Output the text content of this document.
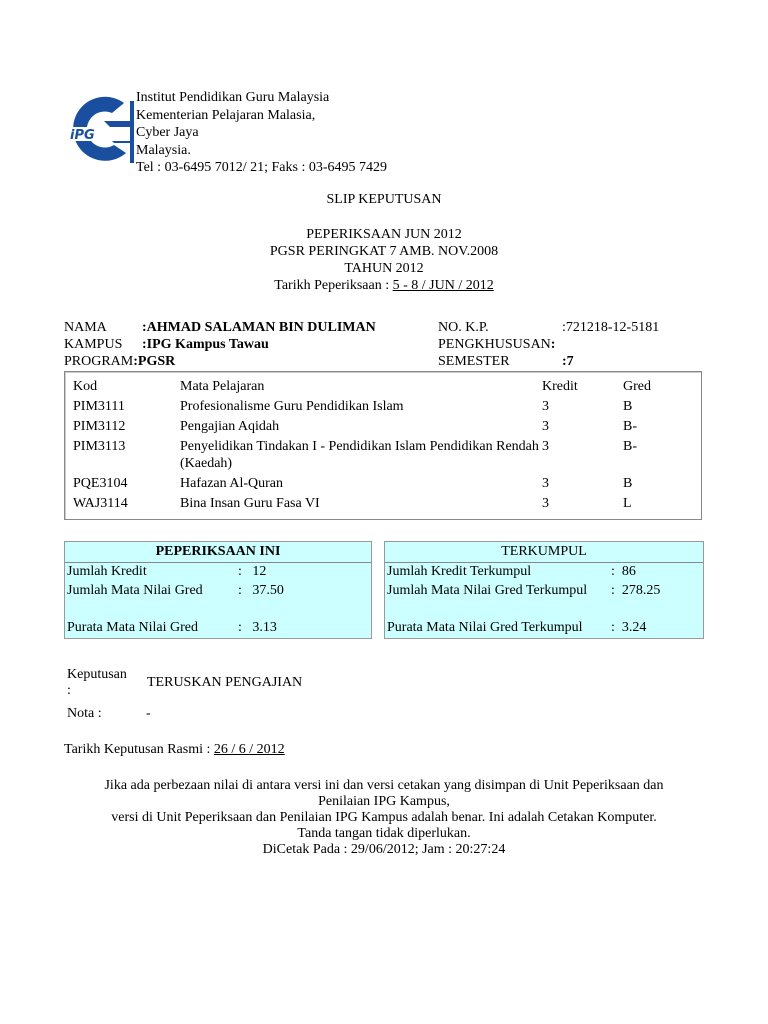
iPG
Institut Pendidikan Guru Malaysia
Kementerian Pelajaran Malasia,
Cyber Jaya
Malaysia.
Tel : 03-6495 7012/ 21; Faks : 03-6495 7429
SLIP KEPUTUSAN
PEPERIKSAAN JUN 2012
PGSR PERINGKAT 7 AMB. NOV.2008
TAHUN 2012
Tarikh Peperiksaan : 5 - 8 / JUN / 2012
NAMA	:AHMAD SALAMAN BIN DULIMAN	NO. K.P.	:721218-12-5181
KAMPUS	:IPG Kampus Tawau	PENGKHUSUSAN:	
PROGRAM:PGSR		SEMESTER	:7
Kod	Mata Pelajaran	Kredit	Gred
PIM3111	Profesionalisme Guru Pendidikan Islam	3	B
PIM3112	Pengajian Aqidah	3	B-
PIM3113	Penyelidikan Tindakan I - Pendidikan Islam Pendidikan Rendah (Kaedah)	3	B-
PQE3104	Hafazan Al-Quran	3	B
WAJ3114	Bina Insan Guru Fasa VI	3	L
PEPERIKSAAN INI
Jumlah Kredit	:   12
Jumlah Mata Nilai Gred	:   37.50
Purata Mata Nilai Gred	:   3.13
TERKUMPUL
Jumlah Kredit Terkumpul	:  86
Jumlah Mata Nilai Gred Terkumpul :  278.25
Purata Mata Nilai Gred Terkumpul :  3.24
Keputusan
:
TERUSKAN PENGAJIAN
Nota :	-
Tarikh Keputusan Rasmi : 26 / 6 / 2012
Jika ada perbezaan nilai di antara versi ini dan versi cetakan yang disimpan di Unit Peperiksaan dan
Penilaian IPG Kampus,
versi di Unit Peperiksaan dan Penilaian IPG Kampus adalah benar. Ini adalah Cetakan Komputer.
Tanda tangan tidak diperlukan.
DiCetak Pada : 29/06/2012; Jam : 20:27:24
